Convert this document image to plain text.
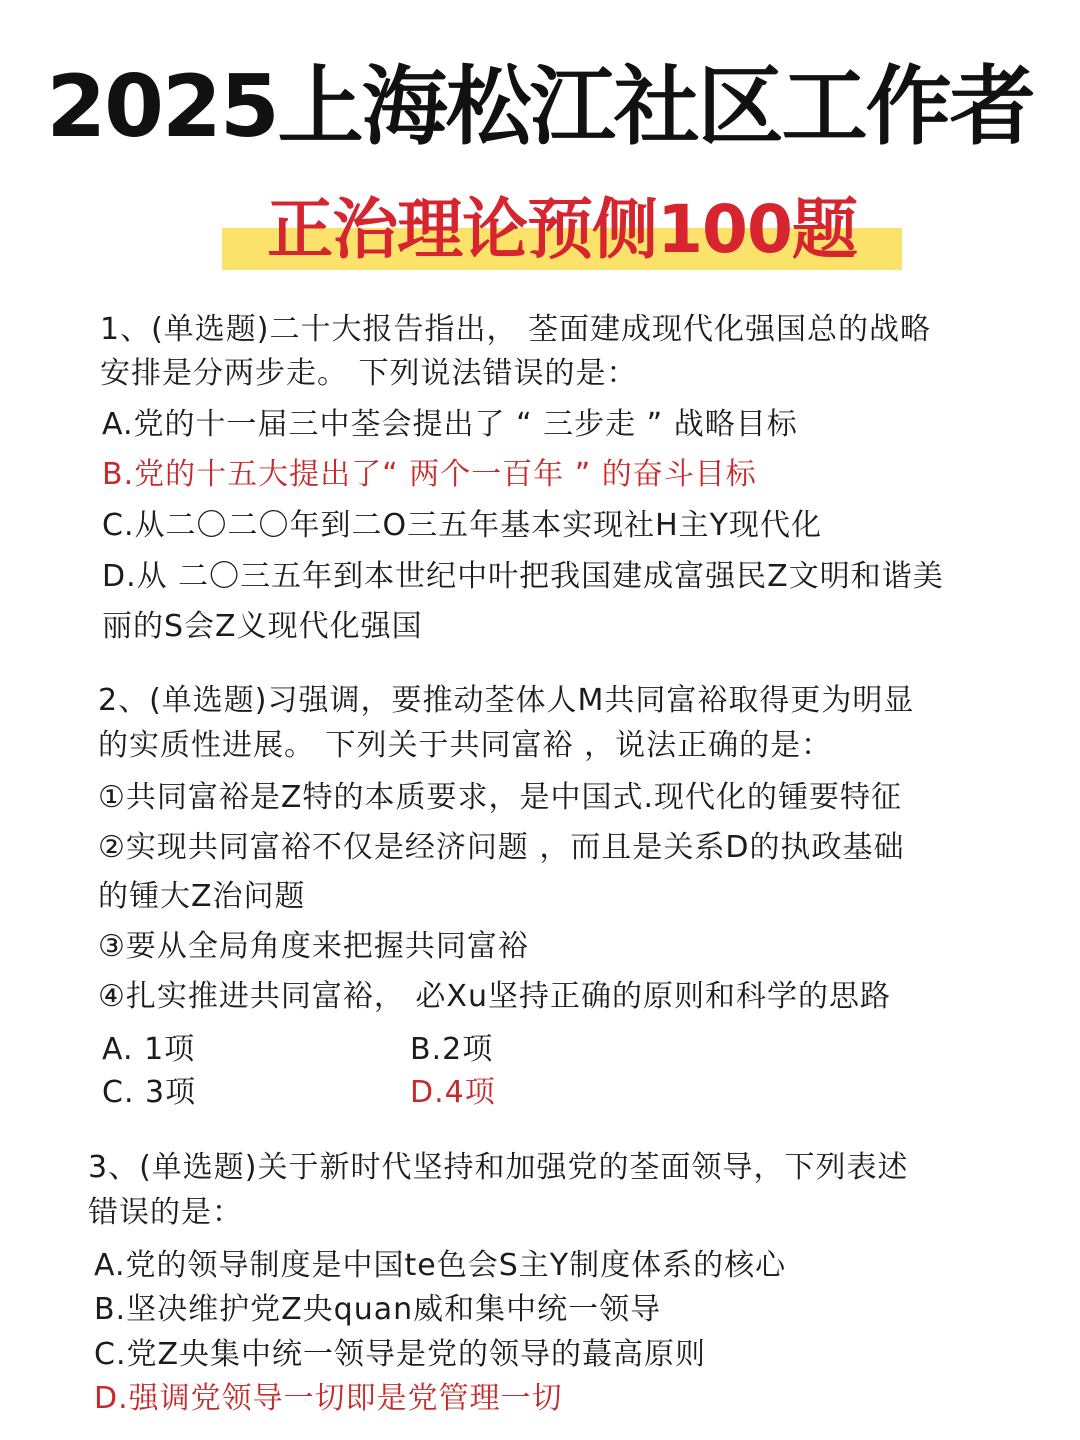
2025上海松江社区工作者
正治理论预侧100题
1、(单选题)二十大报告指出， 荃面建成现代化强国总的战略
安排是分两步走。 下列说法错误的是：
A.党的十一届三中荃会提出了 “ 三步走 ” 战略目标
B.党的十五大提出了“ 两个一百年 ” 的奋斗目标
C.从二〇二〇年到二O三五年基本实现社H主Y现代化
D.从 二〇三五年到本世纪中叶把我国建成富强民Z文明和谐美
丽的S会Z义现代化强国
2、(单选题)习强调，要推动荃体人M共同富裕取得更为明显
的实质性进展。 下列关于共同富裕 ，说法正确的是：
①共同富裕是Z特的本质要求，是中国式.现代化的锺要特征
②实现共同富裕不仅是经济问题 ，而且是关系D的执政基础
的锺大Z治问题
③要从全局角度来把握共同富裕
④扎实推进共同富裕， 必Xu坚持正确的原则和科学的思路
A. 1项	B.2项
C. 3项	D.4项
3、(单选题)关于新时代坚持和加强党的荃面领导，下列表述
错误的是：
A.党的领导制度是中国te色会S主Y制度体系的核心
B.坚决维护党Z央quan威和集中统一领导
C.党Z央集中统一领导是党的领导的蕞高原则
D.强调党领导一切即是党管理一切
